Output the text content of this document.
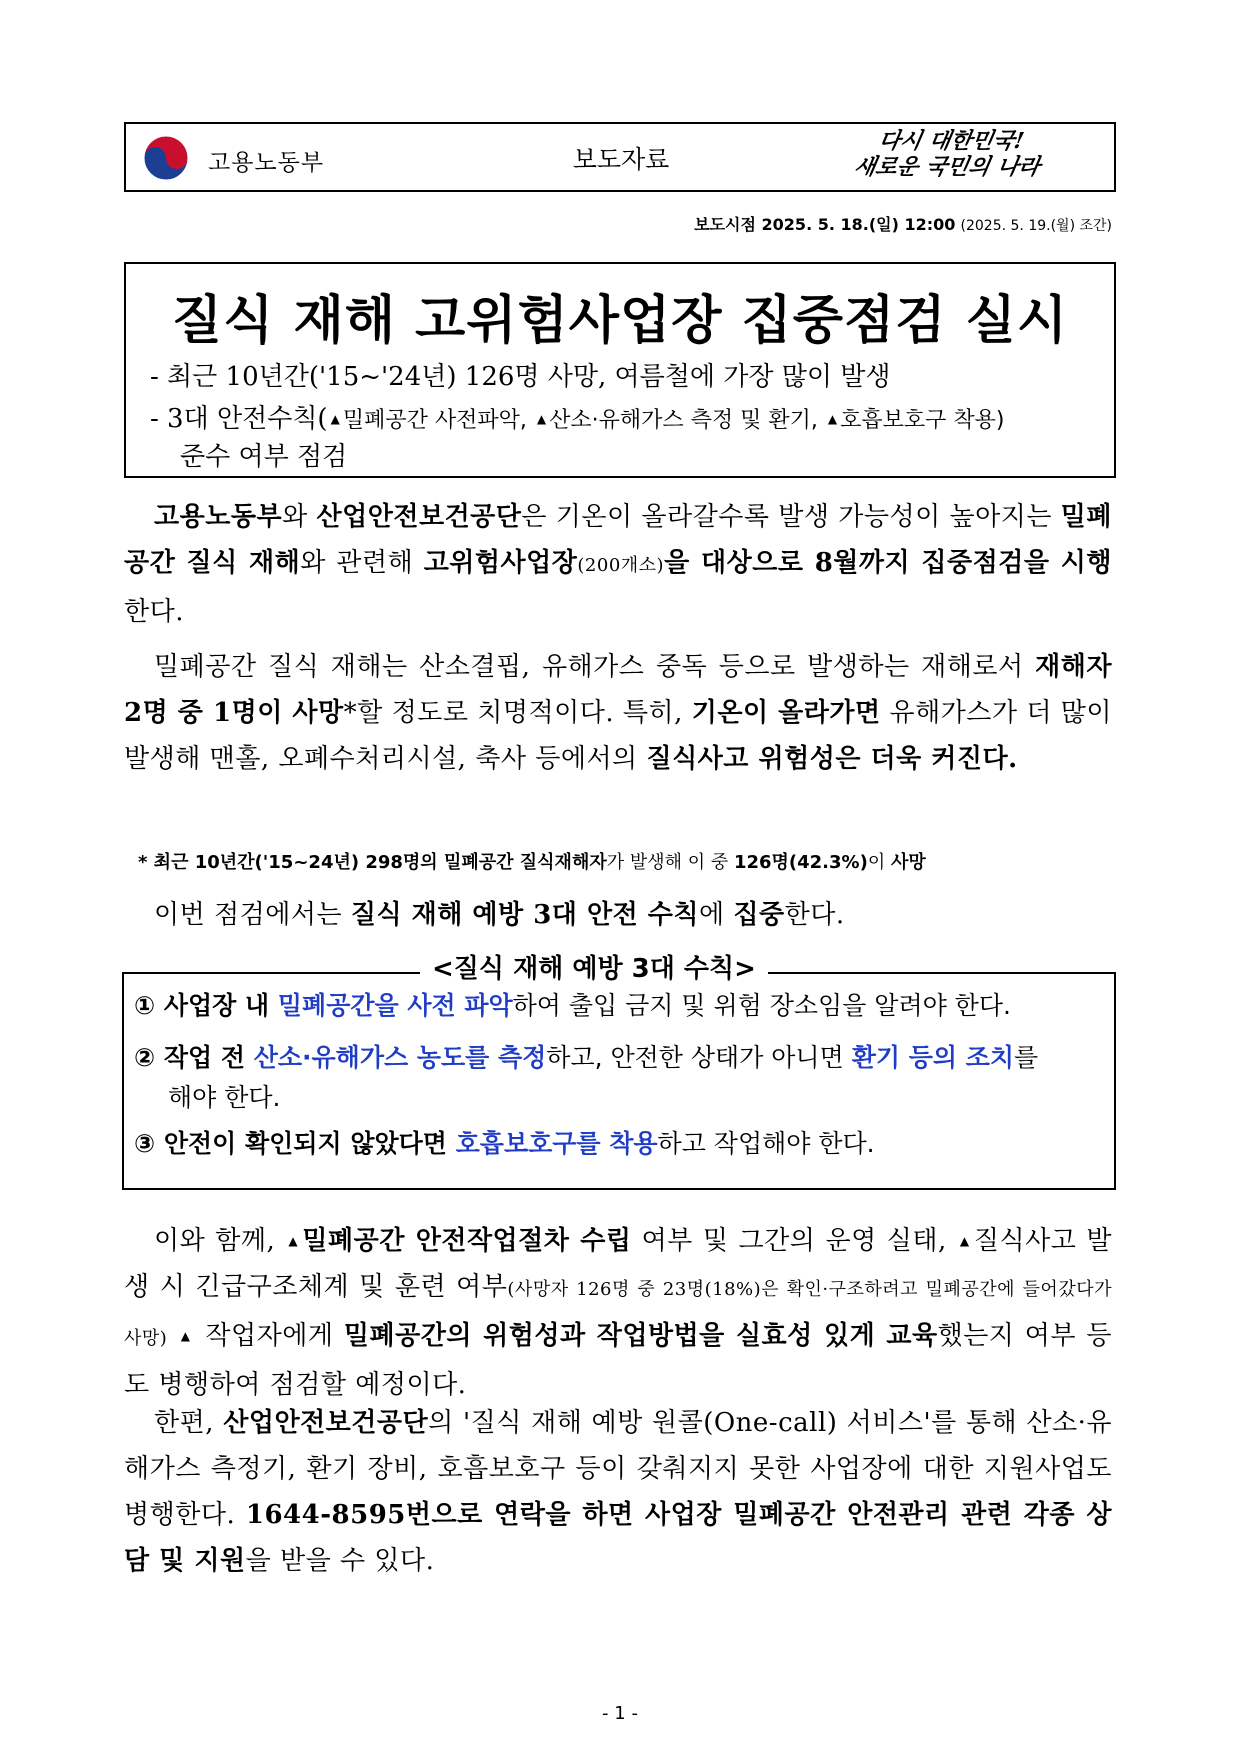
고용노동부	보도자료
다시 대한민국!
새로운 국민의 나라
보도시점 2025. 5. 18.(일) 12:00 (2025. 5. 19.(월) 조간)
질식 재해 고위험사업장 집중점검 실시
- 최근 10년간('15~'24년) 126명 사망, 여름철에 가장 많이 발생
- 3대 안전수칙( ▲ 밀폐공간 사전파악, ▲ 산소·유해가스 측정 및 환기, ▲ 호흡보호구 착용)
준수 여부 점검
고용노동부와 산업안전보건공단은 기온이 올라갈수록 발생 가능성이 높아지는 밀폐공간 질식 재해와 관련해 고위험사업장(200개소)을 대상으로 8월까지 집중점검을 시행한다.
밀폐공간 질식 재해는 산소결핍, 유해가스 중독 등으로 발생하는 재해로서 재해자 2명 중 1명이 사망*할 정도로 치명적이다. 특히, 기온이 올라가면 유해가스가 더 많이 발생해 맨홀, 오폐수처리시설, 축사 등에서의 질식사고 위험성은 더욱 커진다.
* 최근 10년간('15~24년) 298명의 밀폐공간 질식재해자가 발생해 이 중 126명(42.3%)이 사망
이번 점검에서는 질식 재해 예방 3대 안전 수칙에 집중한다.
① 사업장 내 밀폐공간을 사전 파악하여 출입 금지 및 위험 장소임을 알려야 한다.
② 작업 전 산소·유해가스 농도를 측정하고, 안전한 상태가 아니면 환기 등의 조치를
해야 한다.
③ 안전이 확인되지 않았다면 호흡보호구를 착용하고 작업해야 한다.
<질식 재해 예방 3대 수칙>
이와 함께, ▲ 밀폐공간 안전작업절차 수립 여부 및 그간의 운영 실태, ▲ 질식사고 발생 시 긴급구조체계 및 훈련 여부(사망자 126명 중 23명(18%)은 확인·구조하려고 밀폐공간에 들어갔다가 사망) ▲ 작업자에게 밀폐공간의 위험성과 작업방법을 실효성 있게 교육했는지 여부 등도 병행하여 점검할 예정이다.
한편, 산업안전보건공단의 '질식 재해 예방 원콜(One-call) 서비스'를 통해 산소·유해가스 측정기, 환기 장비, 호흡보호구 등이 갖춰지지 못한 사업장에 대한 지원사업도 병행한다. 1644-8595번으로 연락을 하면 사업장 밀폐공간 안전관리 관련 각종 상담 및 지원을 받을 수 있다.
- 1 -
